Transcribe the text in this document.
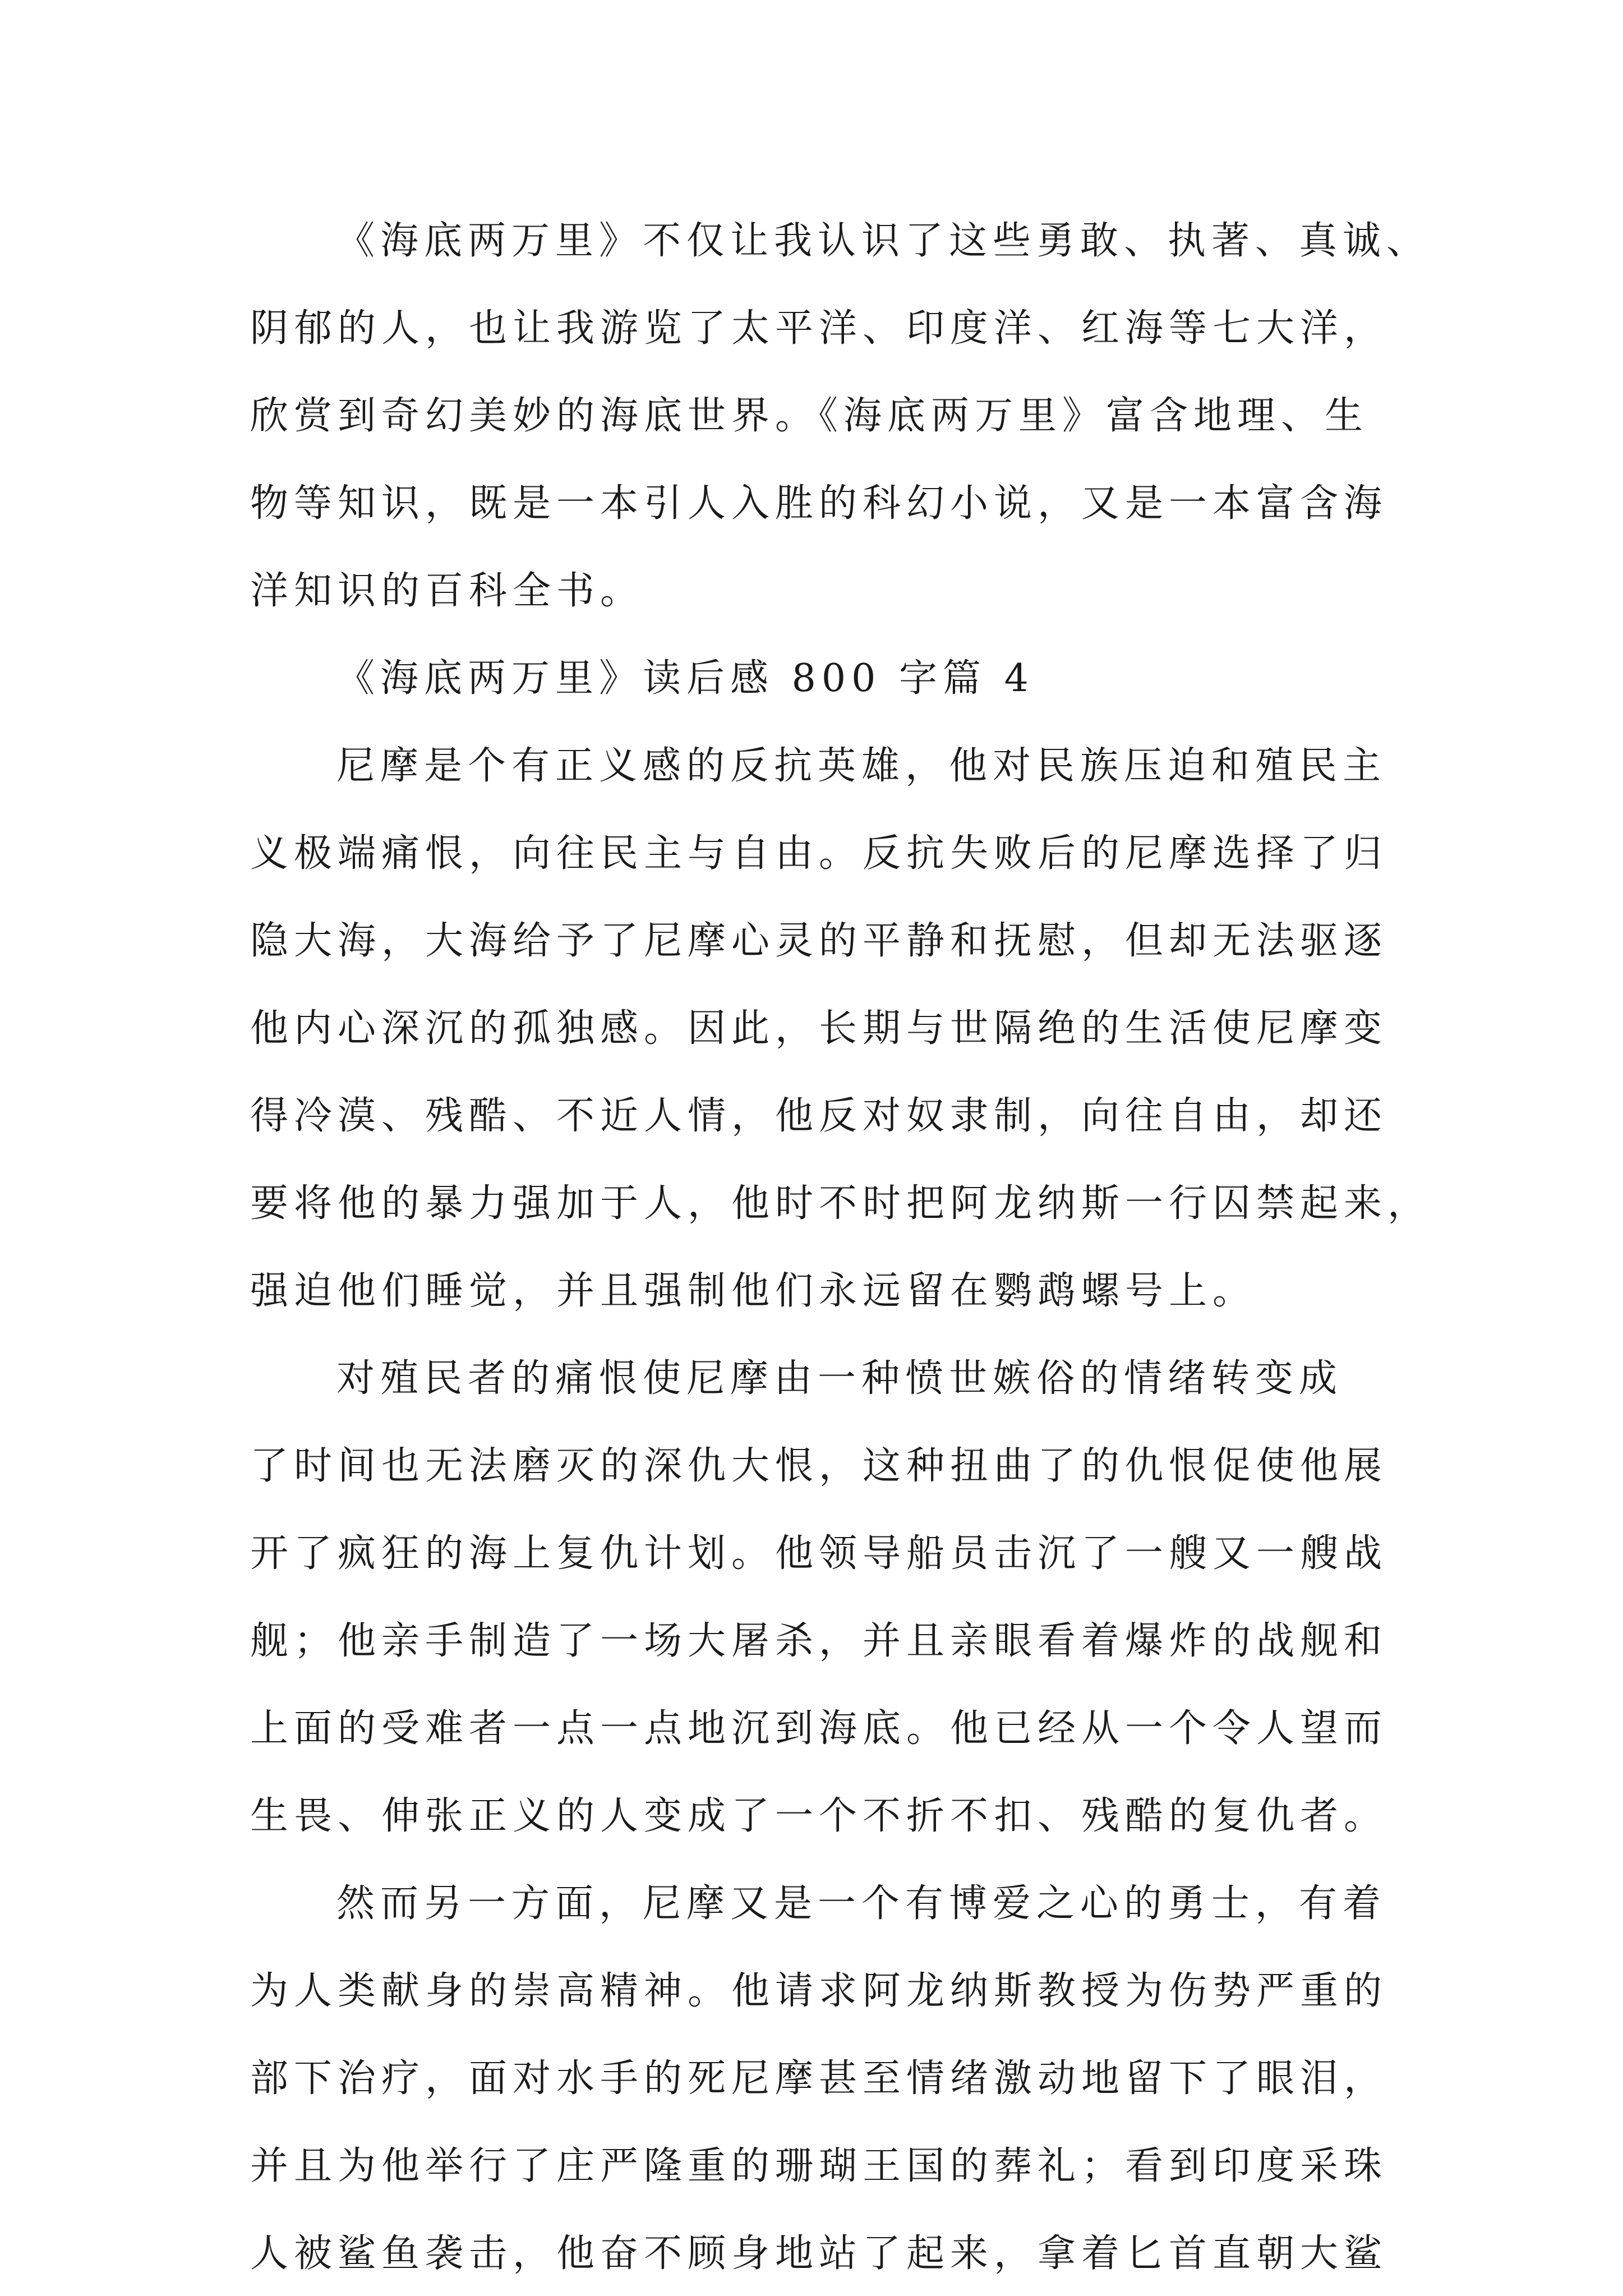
《海底两万里》不仅让我认识了这些勇敢、执著、真诚、
阴郁的人，也让我游览了太平洋、印度洋、红海等七大洋，
欣赏到奇幻美妙的海底世界。《海底两万里》富含地理、生
物等知识，既是一本引人入胜的科幻小说，又是一本富含海
洋知识的百科全书。
《海底两万里》读后感 800 字篇 4
尼摩是个有正义感的反抗英雄，他对民族压迫和殖民主
义极端痛恨，向往民主与自由。反抗失败后的尼摩选择了归
隐大海，大海给予了尼摩心灵的平静和抚慰，但却无法驱逐
他内心深沉的孤独感。因此，长期与世隔绝的生活使尼摩变
得冷漠、残酷、不近人情，他反对奴隶制，向往自由，却还
要将他的暴力强加于人，他时不时把阿龙纳斯一行囚禁起来，
强迫他们睡觉，并且强制他们永远留在鹦鹉螺号上。
对殖民者的痛恨使尼摩由一种愤世嫉俗的情绪转变成
了时间也无法磨灭的深仇大恨，这种扭曲了的仇恨促使他展
开了疯狂的海上复仇计划。他领导船员击沉了一艘又一艘战
舰；他亲手制造了一场大屠杀，并且亲眼看着爆炸的战舰和
上面的受难者一点一点地沉到海底。他已经从一个令人望而
生畏、伸张正义的人变成了一个不折不扣、残酷的复仇者。
然而另一方面，尼摩又是一个有博爱之心的勇士，有着
为人类献身的崇高精神。他请求阿龙纳斯教授为伤势严重的
部下治疗，面对水手的死尼摩甚至情绪激动地留下了眼泪，
并且为他举行了庄严隆重的珊瑚王国的葬礼；看到印度采珠
人被鲨鱼袭击，他奋不顾身地站了起来，拿着匕首直朝大鲨
